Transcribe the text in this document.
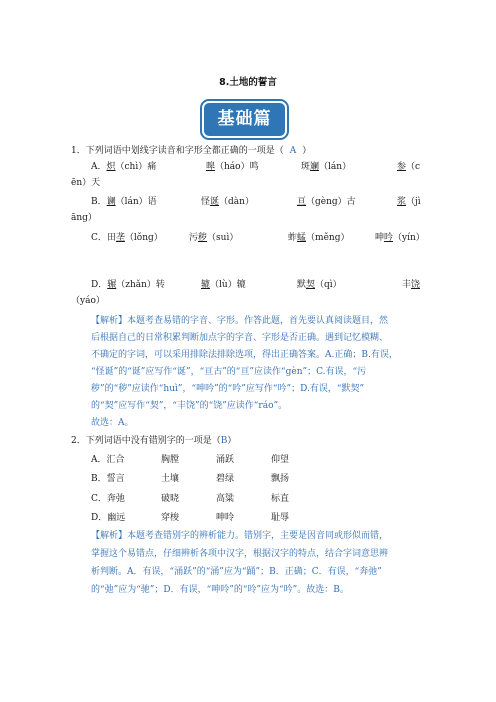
8.土地的誓言
基础篇
1．下列词语中划线字读音和字形全都正确的一项是（ A ）
A．炽（chì）痛	嗥（háo）鸣	斑斓（lán）	参（c
ēn）天
B．谰（lán）语	怪诞（dàn）	亘（gèng）古	浆（jì
āng）
C．田垄（lǒng）	污秽（suì）	蚱蜢（měng）	呻吟（yín）
D．辗（zhǎn）转	辘（lù）辘	默契（qì）	丰饶
（yáo）
【解析】本题考查易错的字音、字形。作答此题，首先要认真阅读题目，然
后根据自己的日常积累判断加点字的字音、字形是否正确。遇到记忆模糊、
不确定的字词，可以采用排除法排除选项，得出正确答案。A.正确；B.有误，
“怪诞”的“诞”应写作“诞”，“亘古”的“亘”应读作“gèn”；C.有误，“污
秽”的“秽”应读作“huì”，“呻吟”的“吟”应写作“吟”；D.有误，“默契”
的“契”应写作“契”，“丰饶”的“饶”应读作“ráo”。
故选：A。
2．下列词语中没有错别字的一项是（B）
A．汇合	胸膛	涌跃	仰望
B．誓言	土壤	碧绿	飘扬
C．奔弛	破晓	高粱	标直
D．幽远	穿梭	呻呤	耻辱
【解析】本题考查错别字的辨析能力。错别字，主要是因音同或形似而错，
掌握这个易错点，仔细辨析各项中汉字，根据汉字的特点，结合字词意思辨
析判断。A．有误，“涌跃”的“涌”应为“踊”；B．正确；C．有误，“奔弛”
的“弛”应为“驰”；D．有误，“呻呤”的“呤”应为“吟”。故选：B。
